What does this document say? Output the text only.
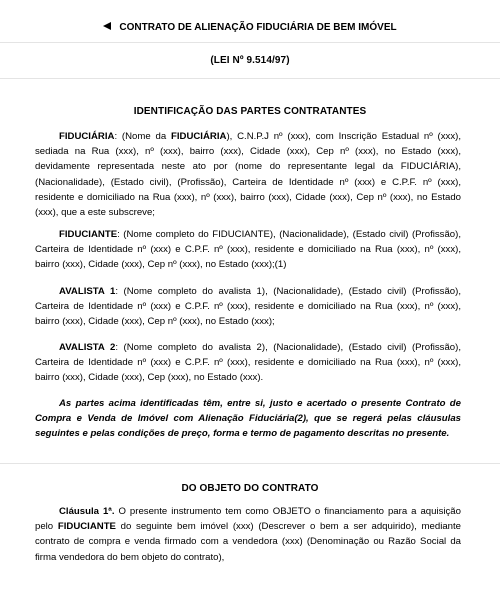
CONTRATO DE ALIENAÇÃO FIDUCIÁRIA DE BEM IMÓVEL
(LEI Nº 9.514/97)
IDENTIFICAÇÃO DAS PARTES CONTRATANTES

FIDUCIÁRIA: (Nome da FIDUCIÁRIA), C.N.P.J nº (xxx), com Inscrição Estadual nº (xxx), sediada na Rua (xxx), nº (xxx), bairro (xxx), Cidade (xxx), Cep nº (xxx), no Estado (xxx), devidamente representada neste ato por (nome do representante legal da FIDUCIÁRIA), (Nacionalidade), (Estado civil), (Profissão), Carteira de Identidade nº (xxx) e C.P.F. nº (xxx), residente e domiciliado na Rua (xxx), nº (xxx), bairro (xxx), Cidade (xxx), Cep nº (xxx), no Estado (xxx), que a este subscreve;

FIDUCIANTE: (Nome completo do FIDUCIANTE), (Nacionalidade), (Estado civil) (Profissão), Carteira de Identidade nº (xxx) e C.P.F. nº (xxx), residente e domiciliado na Rua (xxx), nº (xxx), bairro (xxx), Cidade (xxx), Cep nº (xxx), no Estado (xxx);(1)

AVALISTA 1: (Nome completo do avalista 1), (Nacionalidade), (Estado civil) (Profissão), Carteira de Identidade nº (xxx) e C.P.F. nº (xxx), residente e domiciliado na Rua (xxx), nº (xxx), bairro (xxx), Cidade (xxx), Cep nº (xxx), no Estado (xxx);

AVALISTA 2: (Nome completo do avalista 2), (Nacionalidade), (Estado civil) (Profissão), Carteira de Identidade nº (xxx) e C.P.F. nº (xxx), residente e domiciliado na Rua (xxx), nº (xxx), bairro (xxx), Cidade (xxx), Cep (xxx), no Estado (xxx).

As partes acima identificadas têm, entre si, justo e acertado o presente Contrato de Compra e Venda de Imóvel com Alienação Fiduciária(2), que se regerá pelas cláusulas seguintes e pelas condições de preço, forma e termo de pagamento descritas no presente.

DO OBJETO DO CONTRATO

Cláusula 1ª. O presente instrumento tem como OBJETO o financiamento para a aquisição pelo FIDUCIANTE do seguinte bem imóvel (xxx) (Descrever o bem a ser adquirido), mediante contrato de compra e venda firmado com a vendedora (xxx) (Denominação ou Razão Social da firma vendedora do bem objeto do contrato),
